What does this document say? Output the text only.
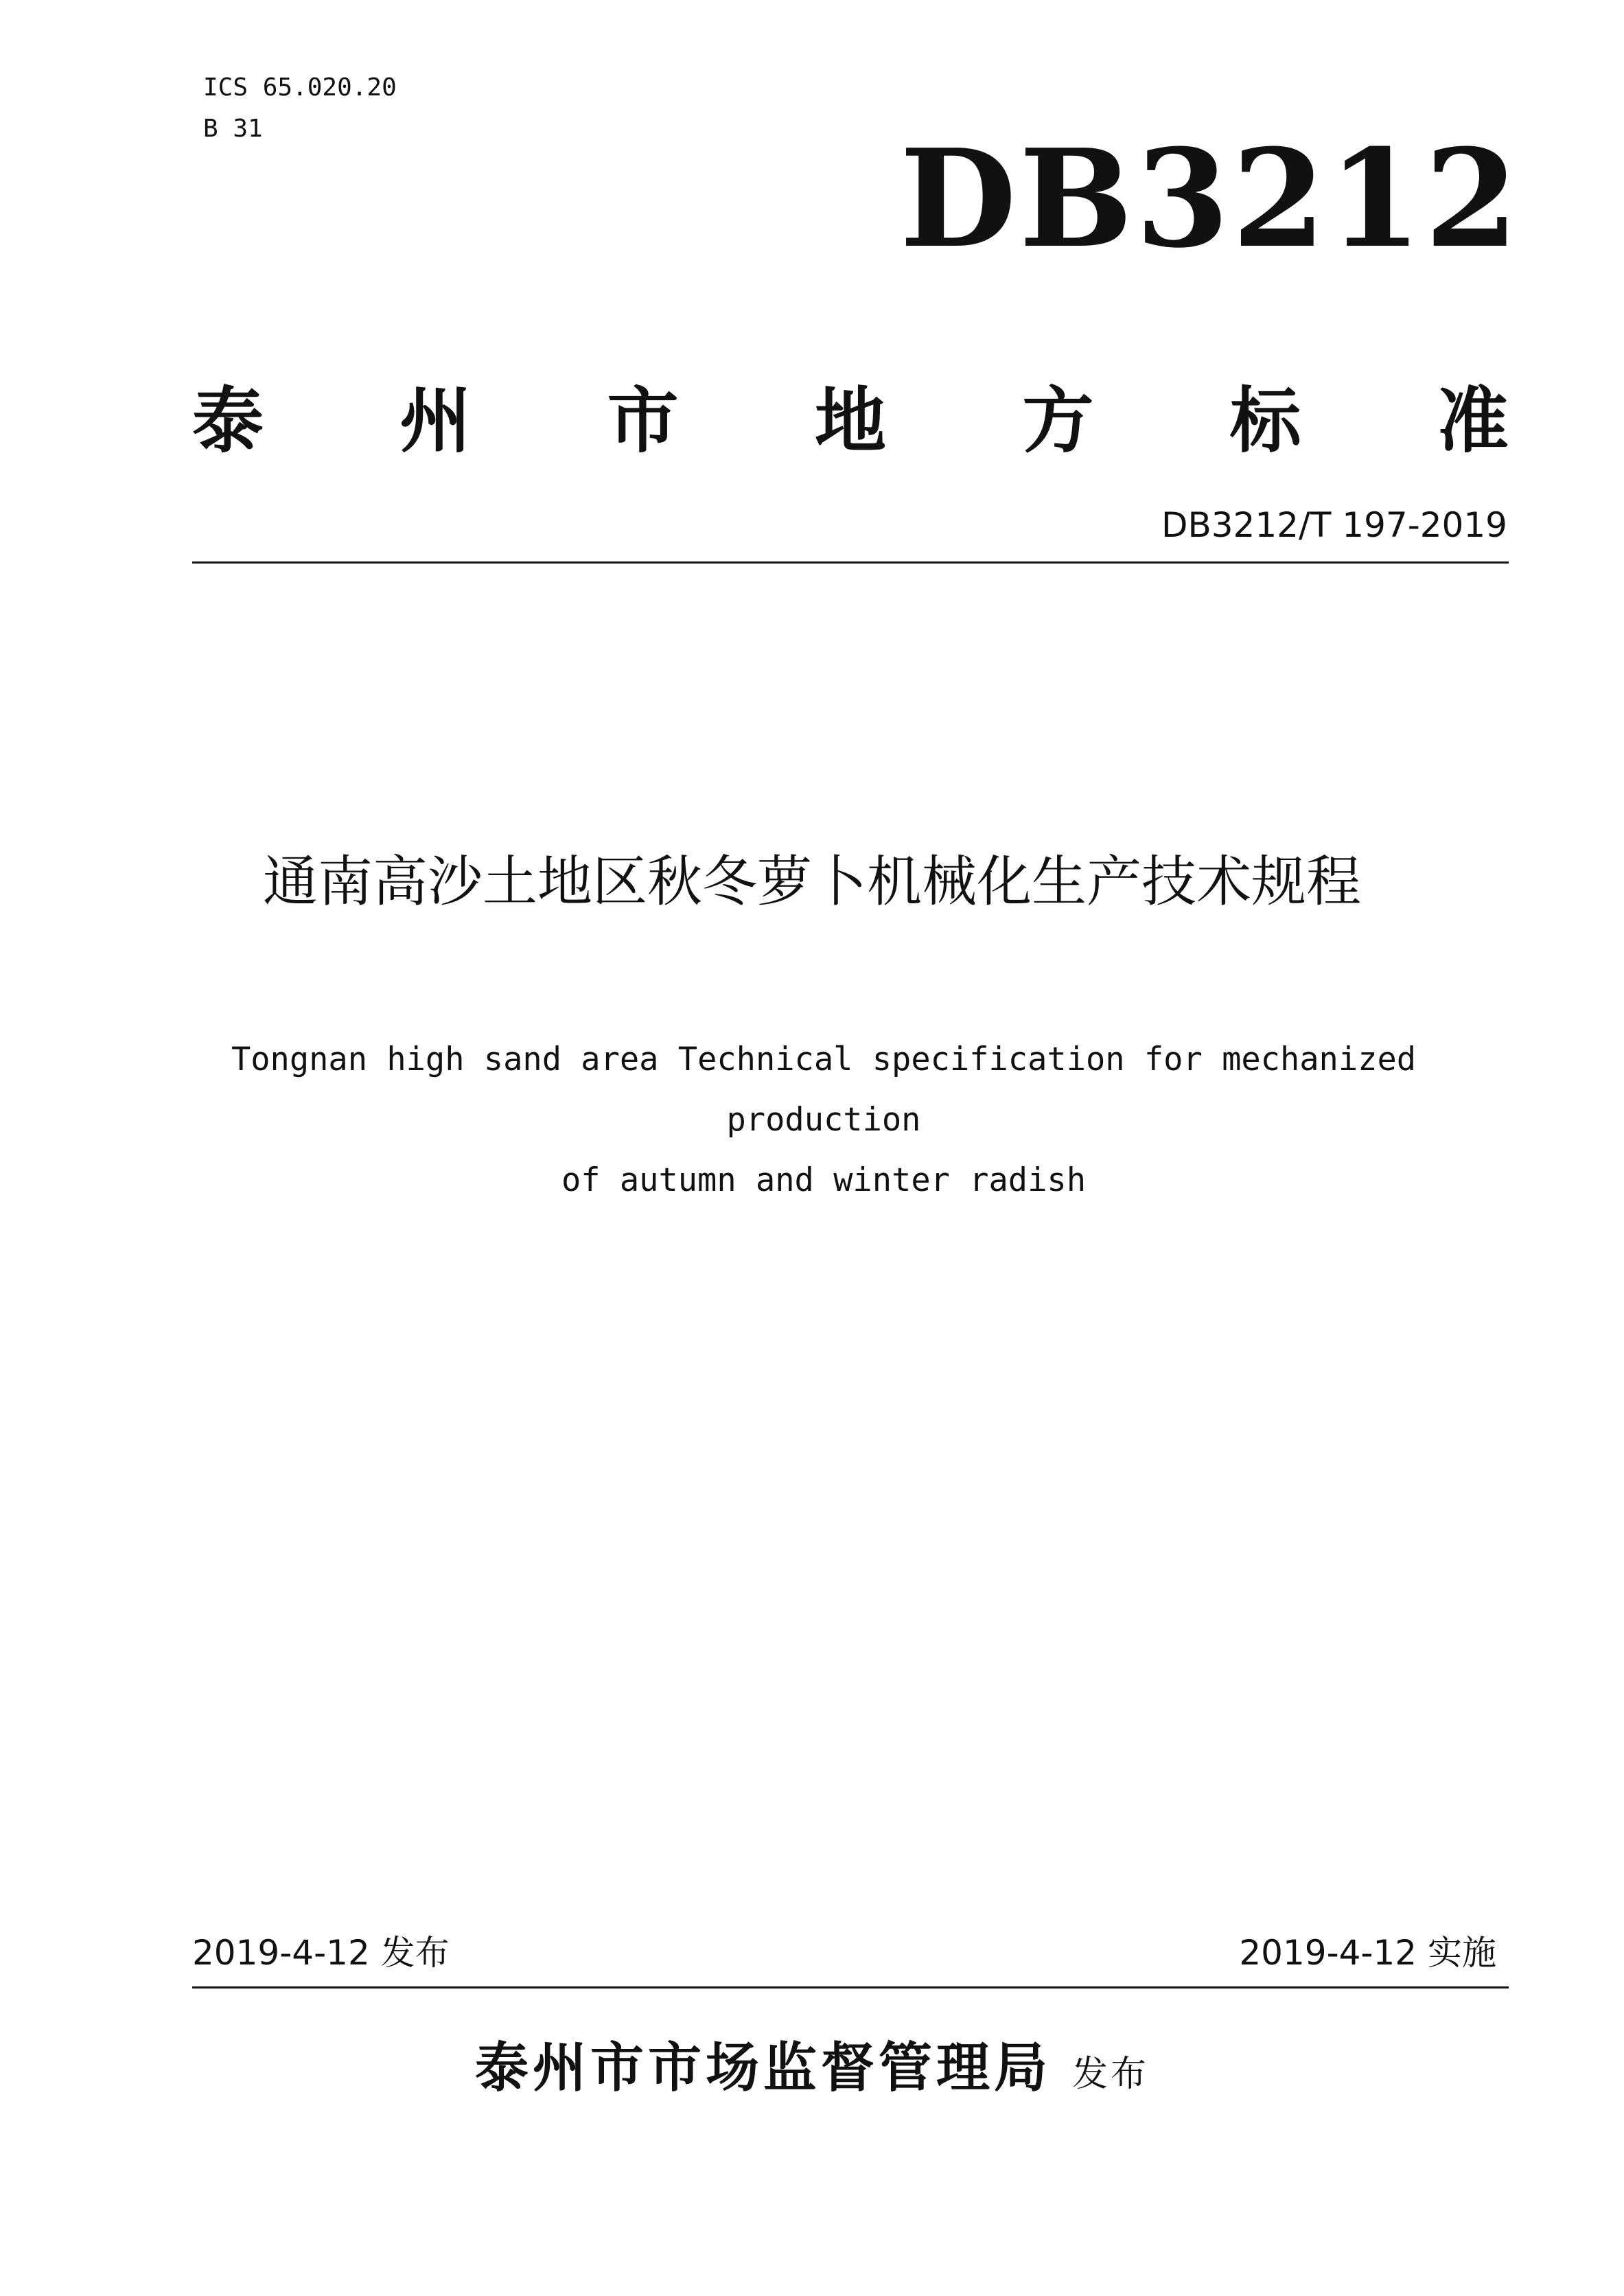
ICS 65.020.20
B 31	DB3212
泰 州 市 地 方 标 准
DB3212/T 197-2019
通南高沙土地区秋冬萝卜机械化生产技术规程
Tongnan high sand area Technical specification for mechanized production
of autumn and winter radish
2019-4-12 发布	2019-4-12 实施
泰州市市场监督管理局 发布
